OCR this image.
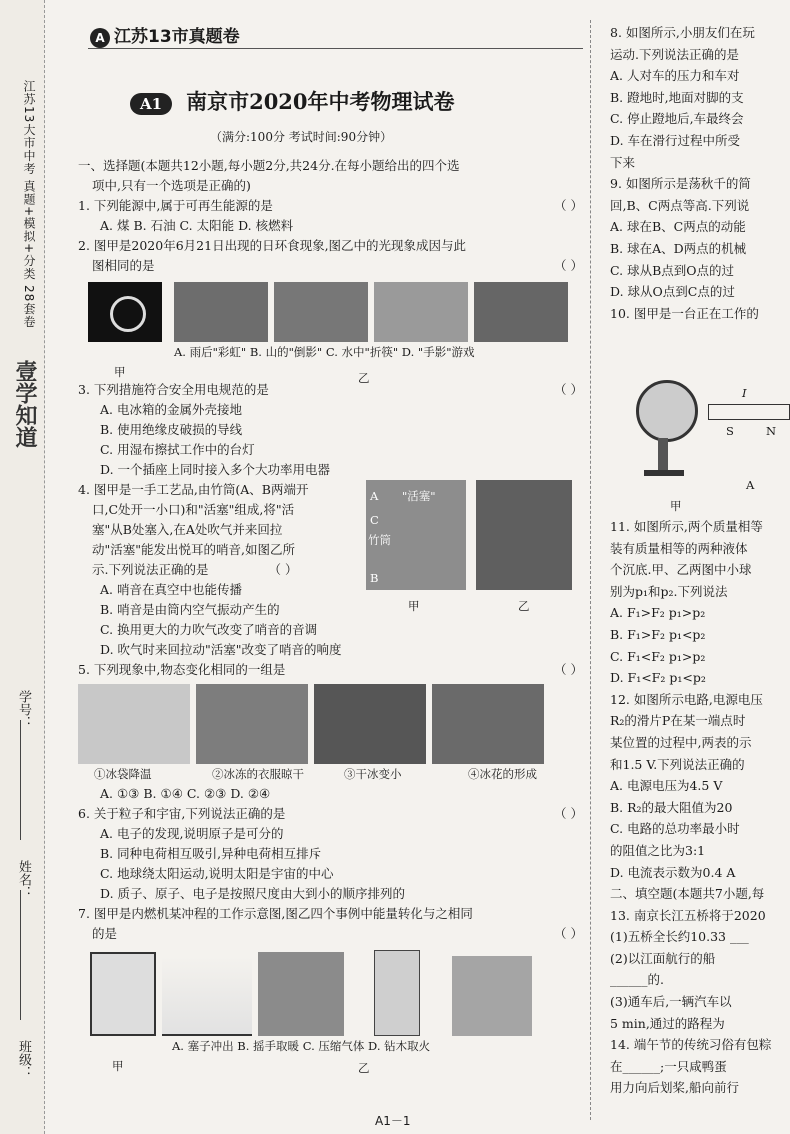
江苏13大市中考 真题+模拟+分类 28套卷
壹学知道
班级：
姓名：
学号：
A 江苏13市真题卷
A1 南京市2020年中考物理试卷
（满分:100分 考试时间:90分钟）

一、选择题(本题共12小题,每小题2分,共24分.在每小题给出的四个选

项中,只有一个选项是正确的)

1. 下列能源中,属于可再生能源的是	（ ）

A. 煤 B. 石油 C. 太阳能 D. 核燃料

2. 图甲是2020年6月21日出现的日环食现象,图乙中的光现象成因与此

图相同的是	（ ）

A. 雨后"彩虹" B. 山的"倒影" C. 水中"折筷" D. "手影"游戏

甲	乙

3. 下列措施符合安全用电规范的是	（ ）

A. 电冰箱的金属外壳接地

B. 使用绝缘皮破损的导线

C. 用湿布擦拭工作中的台灯

D. 一个插座上同时接入多个大功率用电器

4. 图甲是一手工艺品,由竹筒(A、B两端开

口,C处开一小口)和"活塞"组成,将"活

塞"从B处塞入,在A处吹气并来回拉

动"活塞"能发出悦耳的哨音,如图乙所

示.下列说法正确的是	（ ）

A. 哨音在真空中也能传播

B. 哨音是由筒内空气振动产生的

A "活塞"
C
竹筒
B
甲	乙

C. 换用更大的力吹气改变了哨音的音调

D. 吹气时来回拉动"活塞"改变了哨音的响度

5. 下列现象中,物态变化相同的一组是	（ ）

①冰袋降温	②冰冻的衣服晾干	③干冰变小	④冰花的形成

A. ①③ B. ①④ C. ②③ D. ②④

6. 关于粒子和宇宙,下列说法正确的是	（ ）

A. 电子的发现,说明原子是可分的

B. 同种电荷相互吸引,异种电荷相互排斥

C. 地球绕太阳运动,说明太阳是宇宙的中心

D. 质子、原子、电子是按照尺度由大到小的顺序排列的

7. 图甲是内燃机某冲程的工作示意图,图乙四个事例中能量转化与之相同

的是	（ ）

A. 塞子冲出 B. 摇手取暖 C. 压缩气体 D. 钻木取火

甲	乙

8. 如图所示,小朋友们在玩

运动.下列说法正确的是

A. 人对车的压力和车对

B. 蹬地时,地面对脚的支

C. 停止蹬地后,车最终会

D. 车在滑行过程中所受

下来

9. 如图所示是荡秋千的简

回,B、C两点等高.下列说

A. 球在B、C两点的动能

B. 球在A、D两点的机械

C. 球从B点到O点的过

D. 球从O点到C点的过

10. 图甲是一台正在工作的

I
S	N
A
甲

11. 如图所示,两个质量相等

装有质量相等的两种液体

个沉底.甲、乙两图中小球

别为p₁和p₂.下列说法

A. F₁>F₂ p₁>p₂

B. F₁>F₂ p₁<p₂

C. F₁<F₂ p₁>p₂

D. F₁<F₂ p₁<p₂

12. 如图所示电路,电源电压

R₂的滑片P在某一端点时

某位置的过程中,两表的示

和1.5 V.下列说法正确的

A. 电源电压为4.5 V

B. R₂的最大阻值为20

C. 电路的总功率最小时

的阻值之比为3:1

D. 电流表示数为0.4 A

二、填空题(本题共7小题,每

13. 南京长江五桥将于2020

(1)五桥全长约10.33 ___

(2)以江面航行的船

______的.

(3)通车后,一辆汽车以

5 min,通过的路程为

14. 端午节的传统习俗有包粽

在______;一只咸鸭蛋

用力向后划桨,船向前行

A1－1
